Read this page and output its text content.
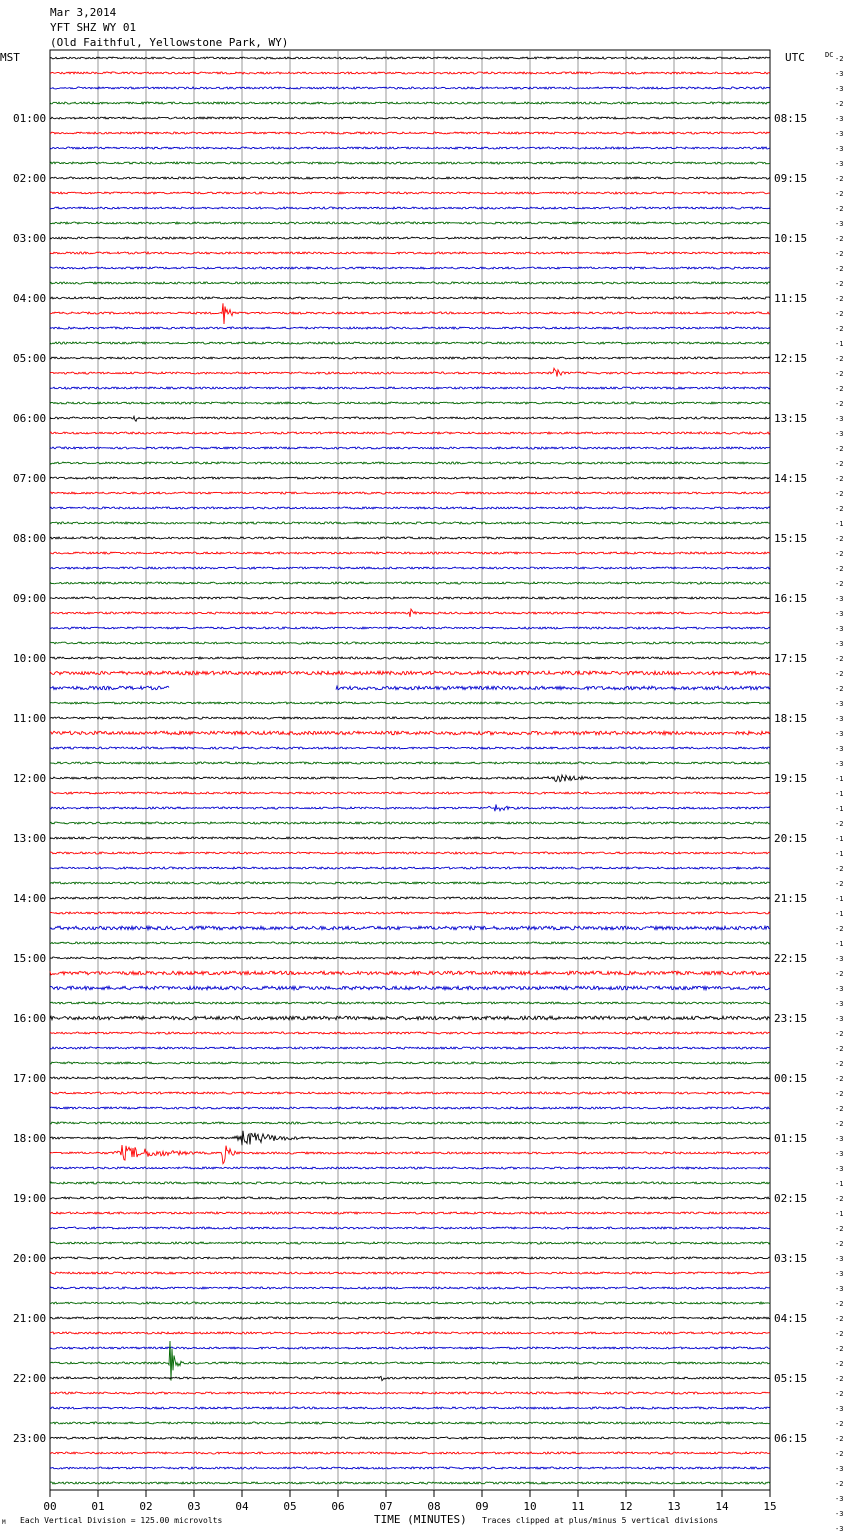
Mar 3,2014
YFT SHZ WY 01
(Old Faithful, Yellowstone Park, WY)
MST	UTC	DC
01:00
02:00
03:00
04:00
05:00
06:00
07:00
08:00
09:00
10:00
11:00
12:00
13:00
14:00
15:00
16:00
17:00
18:00
19:00
20:00
21:00
22:00
23:00
08:15
09:15
10:15
11:15
12:15
13:15
14:15
15:15
16:15
17:15
18:15
19:15
20:15
21:15
22:15
23:15
00:15
01:15
02:15
03:15
04:15
05:15
06:15
-2
-3
-3
-2
-3
-3
-3
-3
-2
-2
-2
-3
-2
-2
-2
-2
-2
-2
-2
-1
-2
-2
-2
-2
-3
-3
-2
-2
-2
-2
-2
-1
-2
-2
-2
-2
-3
-3
-3
-3
-2
-2
-2
-3
-3
-3
-3
-3
-1
-1
-1
-2
-1
-1
-2
-2
-1
-1
-2
-1
-3
-2
-3
-3
-3
-2
-2
-2
-2
-2
-2
-2
-3
-3
-3
-1
-2
-1
-2
-2
-3
-3
-3
-2
-2
-2
-2
-2
-2
-2
-3
-2
-2
-2
-3
-2
-3
-3
-3
00	01	02	03	04	05	06	07	08	09	10	11	12	13	14	15
M Each Vertical Division = 125.00 microvolts	TIME (MINUTES) Traces clipped at plus/minus 5 vertical divisions
